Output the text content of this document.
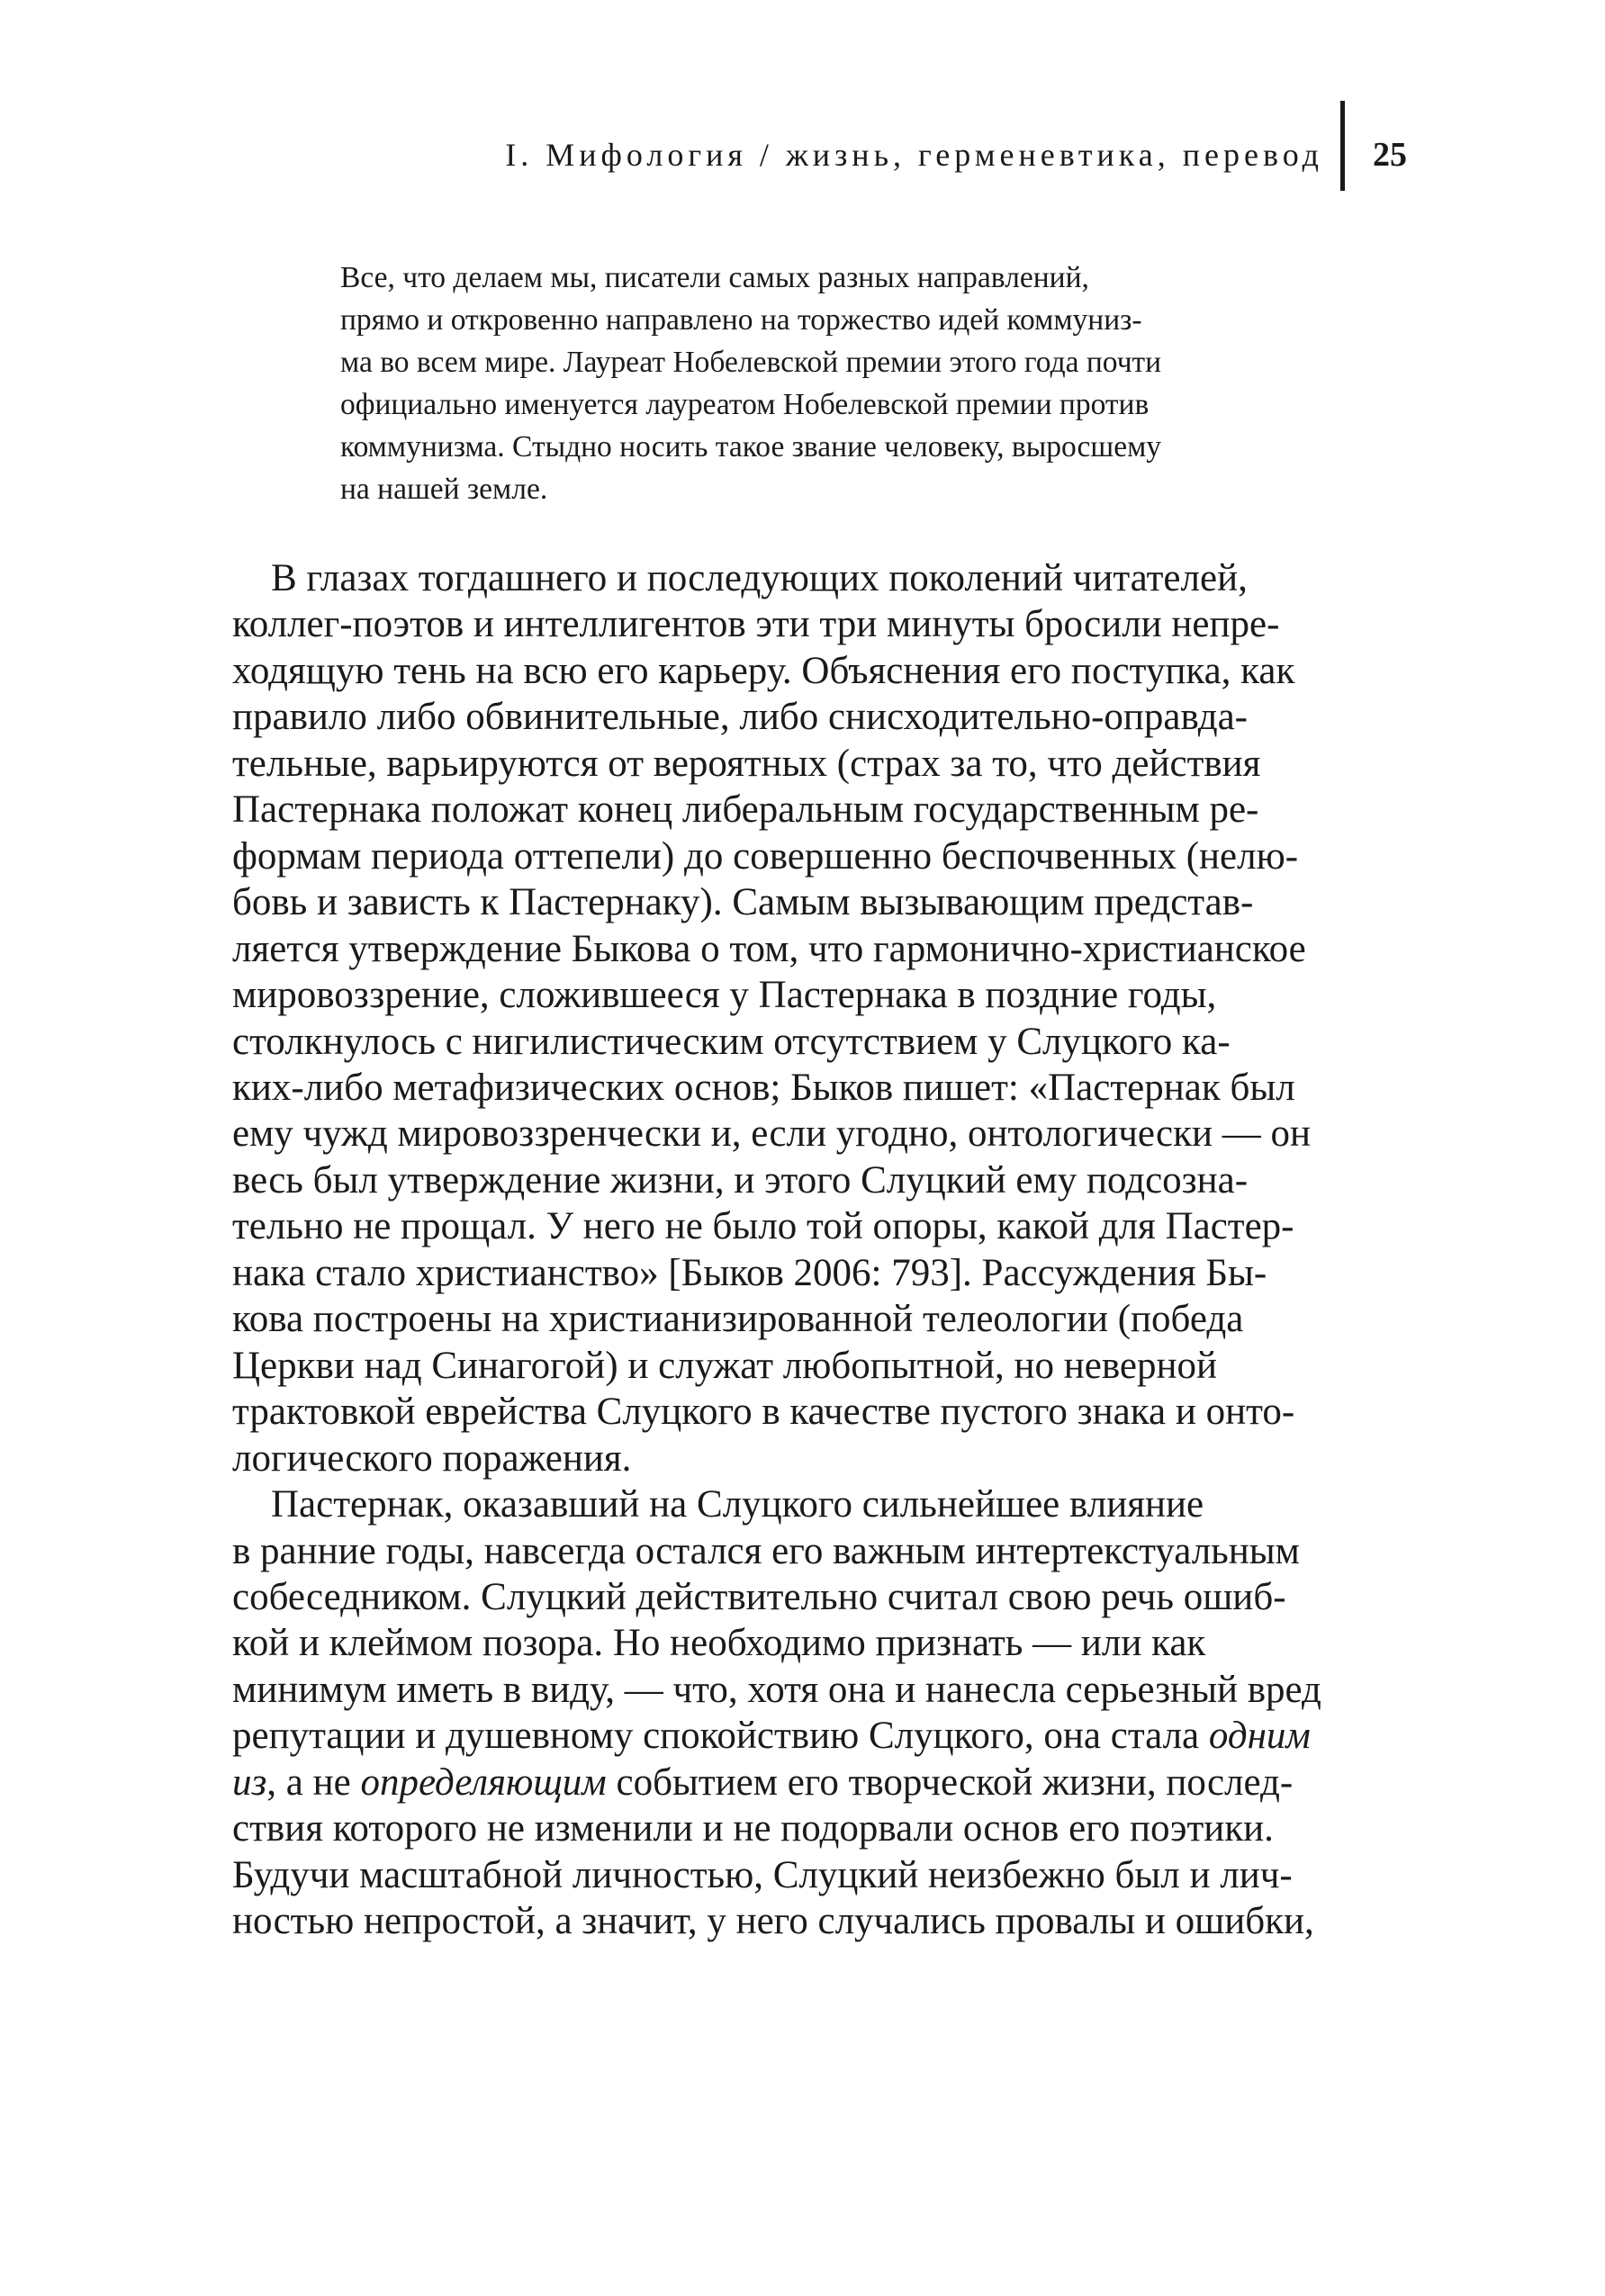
I. Мифология / жизнь, герменевтика, перевод 25
Все, что делаем мы, писатели самых разных направлений,
прямо и откровенно направлено на торжество идей коммуниз-
ма во всем мире. Лауреат Нобелевской премии этого года почти
официально именуется лауреатом Нобелевской премии против
коммунизма. Стыдно носить такое звание человеку, выросшему
на нашей земле.
В глазах тогдашнего и последующих поколений читателей,
коллег-поэтов и интеллигентов эти три минуты бросили непре-
ходящую тень на всю его карьеру. Объяснения его поступка, как
правило либо обвинительные, либо снисходительно-оправда-
тельные, варьируются от вероятных (страх за то, что действия
Пастернака положат конец либеральным государственным ре-
формам периода оттепели) до совершенно беспочвенных (нелю-
бовь и зависть к Пастернаку). Самым вызывающим представ-
ляется утверждение Быкова о том, что гармонично-христианское
мировоззрение, сложившееся у Пастернака в поздние годы,
столкнулось с нигилистическим отсутствием у Слуцкого ка-
ких-либо метафизических основ; Быков пишет: «Пастернак был
ему чужд мировоззренчески и, если угодно, онтологически — он
весь был утверждение жизни, и этого Слуцкий ему подсозна-
тельно не прощал. У него не было той опоры, какой для Пастер-
нака стало христианство» [Быков 2006: 793]. Рассуждения Бы-
кова построены на христианизированной телеологии (победа
Церкви над Синагогой) и служат любопытной, но неверной
трактовкой еврейства Слуцкого в качестве пустого знака и онто-
логического поражения.
Пастернак, оказавший на Слуцкого сильнейшее влияние
в ранние годы, навсегда остался его важным интертекстуальным
собеседником. Слуцкий действительно считал свою речь ошиб-
кой и клеймом позора. Но необходимо признать — или как
минимум иметь в виду, — что, хотя она и нанесла серьезный вред
репутации и душевному спокойствию Слуцкого, она стала одним
из, а не определяющим событием его творческой жизни, послед-
ствия которого не изменили и не подорвали основ его поэтики.
Будучи масштабной личностью, Слуцкий неизбежно был и лич-
ностью непростой, а значит, у него случались провалы и ошибки,
